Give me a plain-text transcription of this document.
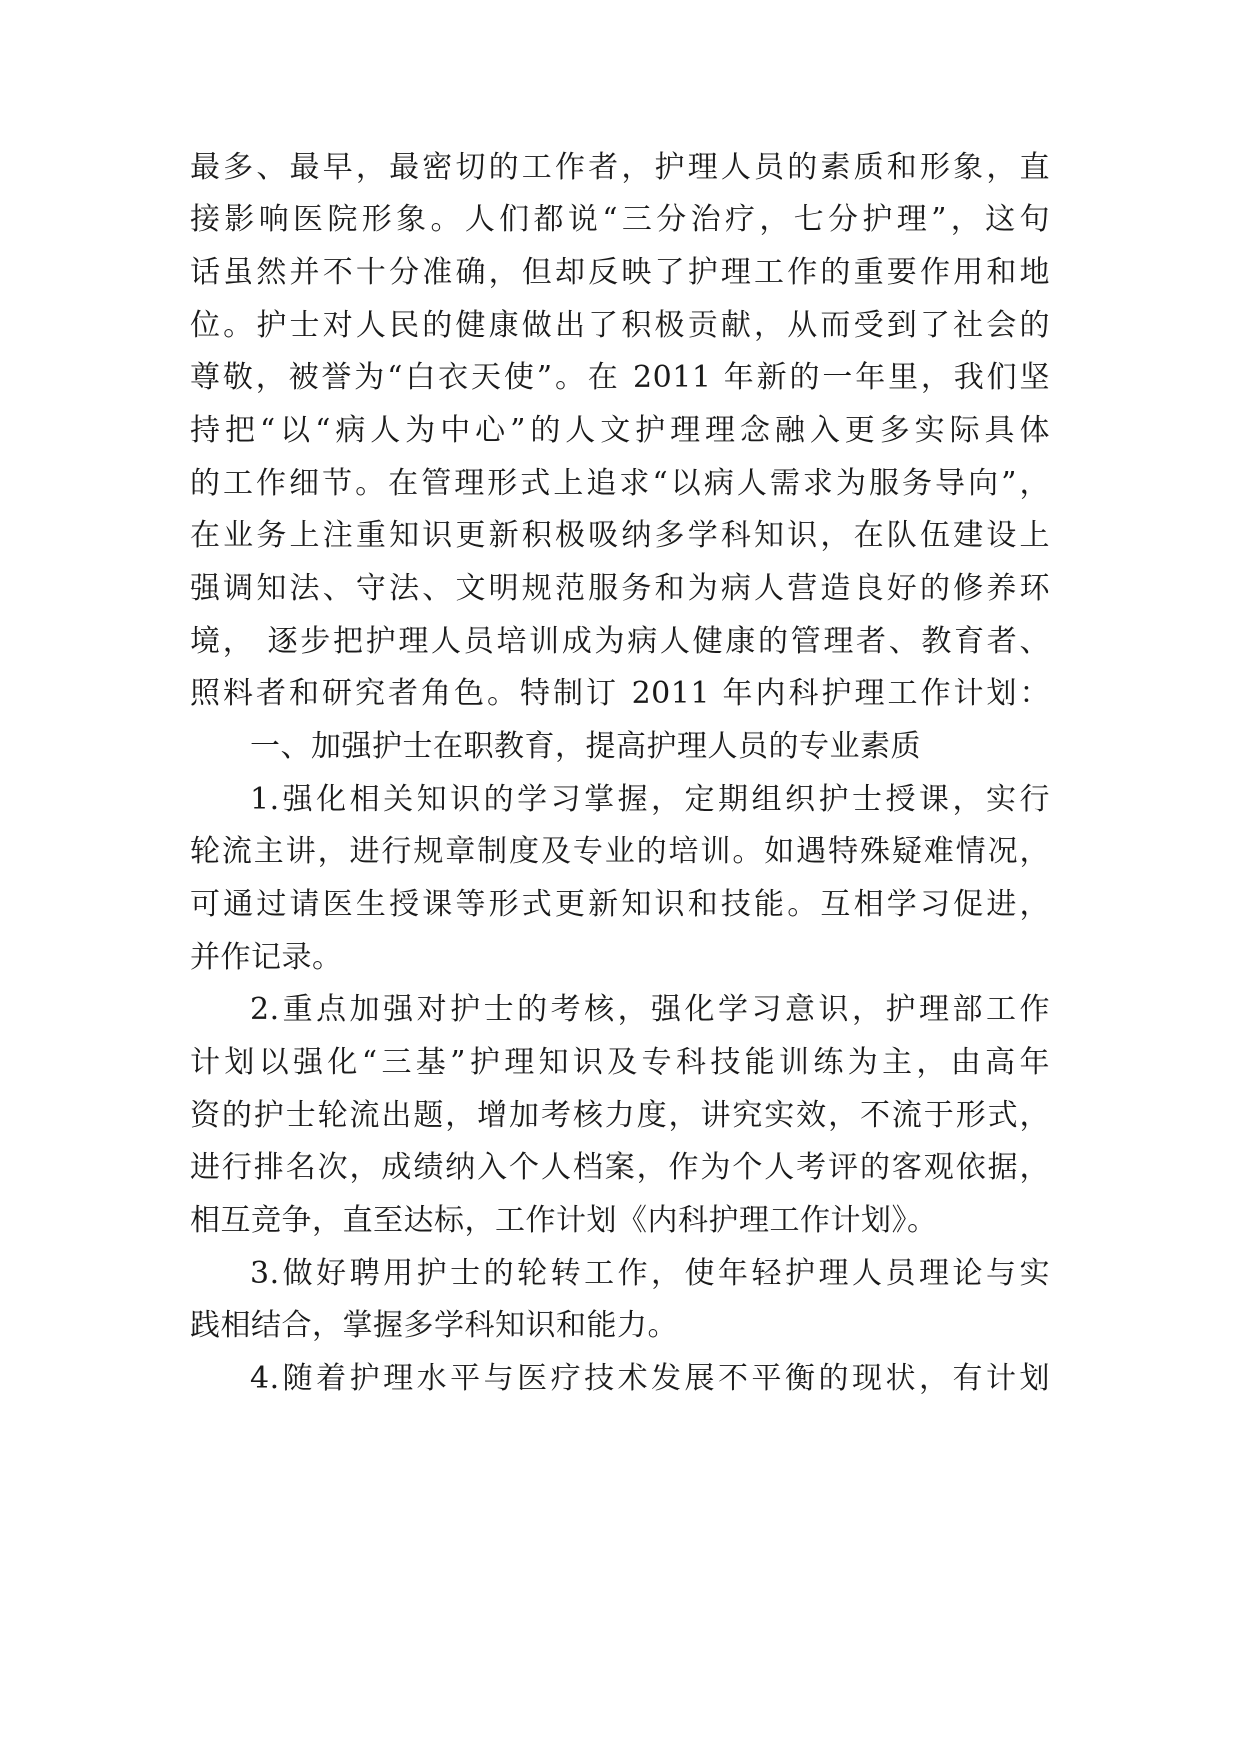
最多、最早，最密切的工作者，护理人员的素质和形象，直
接影响医院形象。人们都说“三分治疗，七分护理”，这句
话虽然并不十分准确，但却反映了护理工作的重要作用和地
位。护士对人民的健康做出了积极贡献，从而受到了社会的
尊敬，被誉为“白衣天使”。在 2011 年新的一年里，我们坚
持把“以“病人为中心”的人文护理理念融入更多实际具体
的工作细节。在管理形式上追求“以病人需求为服务导向”，
在业务上注重知识更新积极吸纳多学科知识，在队伍建设上
强调知法、守法、文明规范服务和为病人营造良好的修养环
境， 逐步把护理人员培训成为病人健康的管理者、教育者、
照料者和研究者角色。特制订 2011 年内科护理工作计划：
一、加强护士在职教育，提高护理人员的专业素质
1.强化相关知识的学习掌握，定期组织护士授课，实行
轮流主讲，进行规章制度及专业的培训。如遇特殊疑难情况，
可通过请医生授课等形式更新知识和技能。互相学习促进，
并作记录。
2.重点加强对护士的考核，强化学习意识，护理部工作
计划以强化“三基”护理知识及专科技能训练为主，由高年
资的护士轮流出题，增加考核力度，讲究实效，不流于形式，
进行排名次，成绩纳入个人档案，作为个人考评的客观依据，
相互竞争，直至达标，工作计划《内科护理工作计划》。
3.做好聘用护士的轮转工作，使年轻护理人员理论与实
践相结合，掌握多学科知识和能力。
4.随着护理水平与医疗技术发展不平衡的现状，有计划
